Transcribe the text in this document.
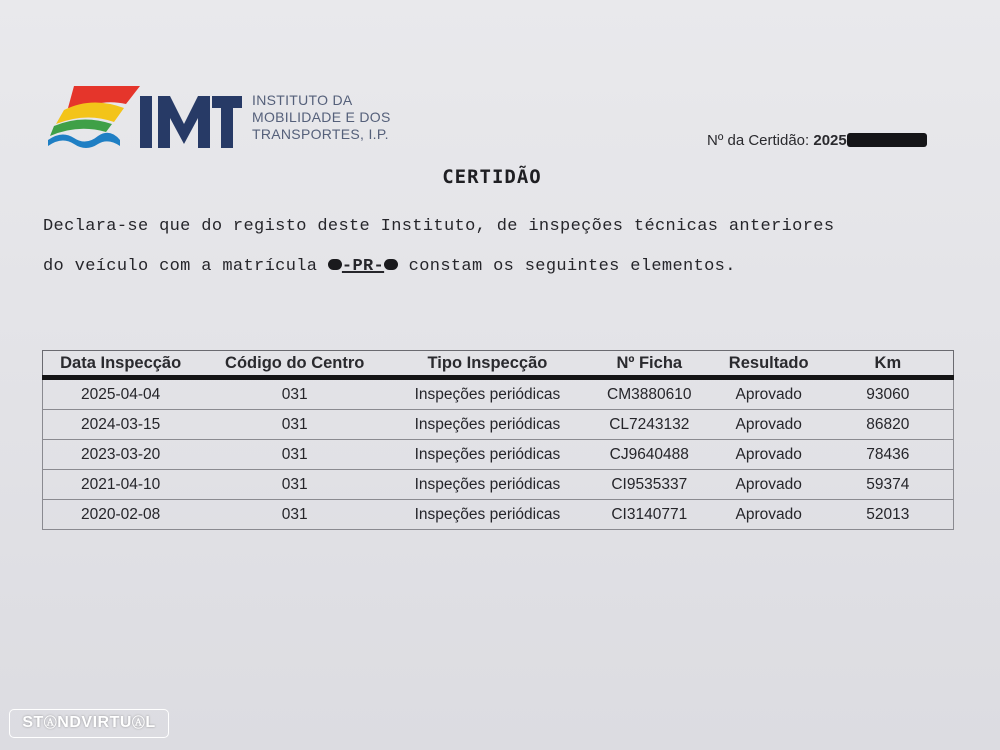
INSTITUTO DA
MOBILIDADE E DOS
TRANSPORTES, I.P.	Nº da Certidão: 2025
CERTIDÃO
Declara-se que do registo deste Instituto, de inspeções técnicas anteriores
do veículo com a matrícula -PR- constam os seguintes elementos.
Data Inspecção	Código do Centro	Tipo Inspecção	Nº Ficha	Resultado	Km
2025-04-04	031	Inspeções periódicas	CM3880610	Aprovado	93060
2024-03-15	031	Inspeções periódicas	CL7243132	Aprovado	86820
2023-03-20	031	Inspeções periódicas	CJ9640488	Aprovado	78436
2021-04-10	031	Inspeções periódicas	CI9535337	Aprovado	59374
2020-02-08	031	Inspeções periódicas	CI3140771	Aprovado	52013
STⒶNDVIRTUⒶL
